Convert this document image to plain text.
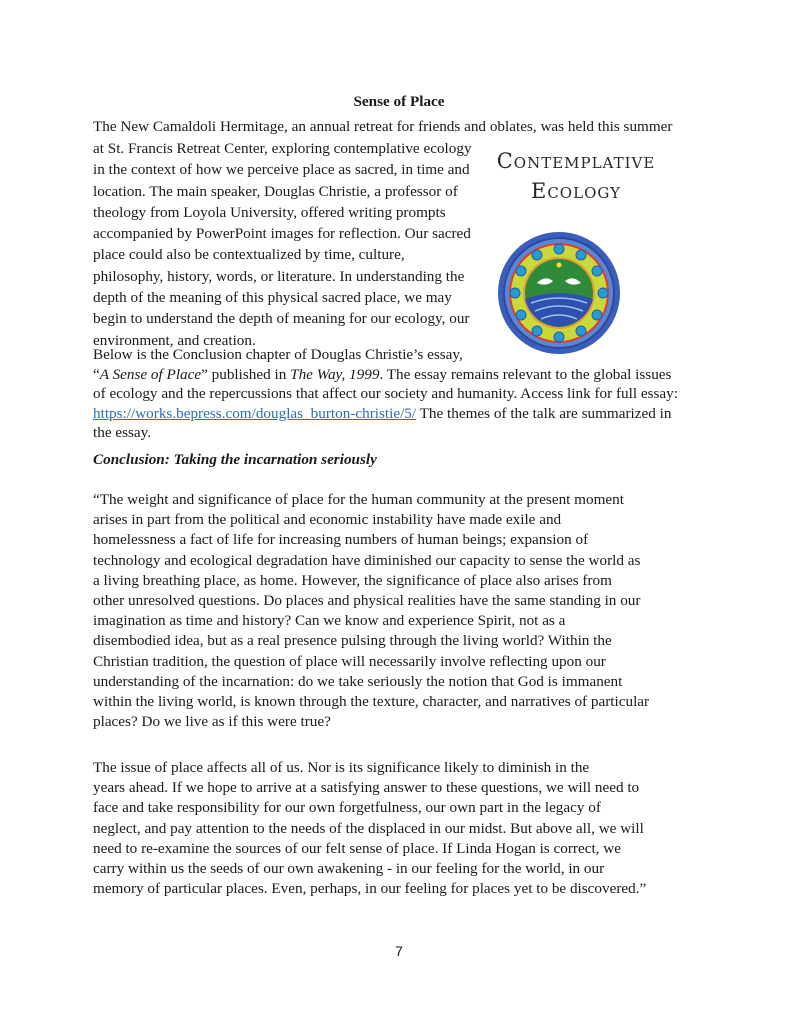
Sense of Place
The New Camaldoli Hermitage, an annual retreat for friends and oblates, was held this summer
at St. Francis Retreat Center, exploring contemplative ecology
in the context of how we perceive place as sacred, in time and
location. The main speaker, Douglas Christie, a professor of
theology from Loyola University, offered writing prompts
accompanied by PowerPoint images for reflection. Our sacred
place could also be contextualized by time, culture,
philosophy, history, words, or literature. In understanding the
depth of the meaning of this physical sacred place, we may
begin to understand the depth of meaning for our ecology, our
environment, and creation.
Contemplative
Ecology
Below is the Conclusion chapter of Douglas Christie’s essay,
“A Sense of Place” published in The Way, 1999. The essay remains relevant to the global issues
of ecology and the repercussions that affect our society and humanity. Access link for full essay:
https://works.bepress.com/douglas_burton-christie/5/ The themes of the talk are summarized in
the essay.
Conclusion: Taking the incarnation seriously
“The weight and significance of place for the human community at the present moment
arises in part from the political and economic instability have made exile and
homelessness a fact of life for increasing numbers of human beings; expansion of
technology and ecological degradation have diminished our capacity to sense the world as
a living breathing place, as home. However, the significance of place also arises from
other unresolved questions. Do places and physical realities have the same standing in our
imagination as time and history? Can we know and experience Spirit, not as a
disembodied idea, but as a real presence pulsing through the living world? Within the
Christian tradition, the question of place will necessarily involve reflecting upon our
understanding of the incarnation: do we take seriously the notion that God is immanent
within the living world, is known through the texture, character, and narratives of particular
places? Do we live as if this were true?
The issue of place affects all of us. Nor is its significance likely to diminish in the
years ahead. If we hope to arrive at a satisfying answer to these questions, we will need to
face and take responsibility for our own forgetfulness, our own part in the legacy of
neglect, and pay attention to the needs of the displaced in our midst. But above all, we will
need to re-examine the sources of our felt sense of place. If Linda Hogan is correct, we
carry within us the seeds of our own awakening - in our feeling for the world, in our
memory of particular places. Even, perhaps, in our feeling for places yet to be discovered.”
7
